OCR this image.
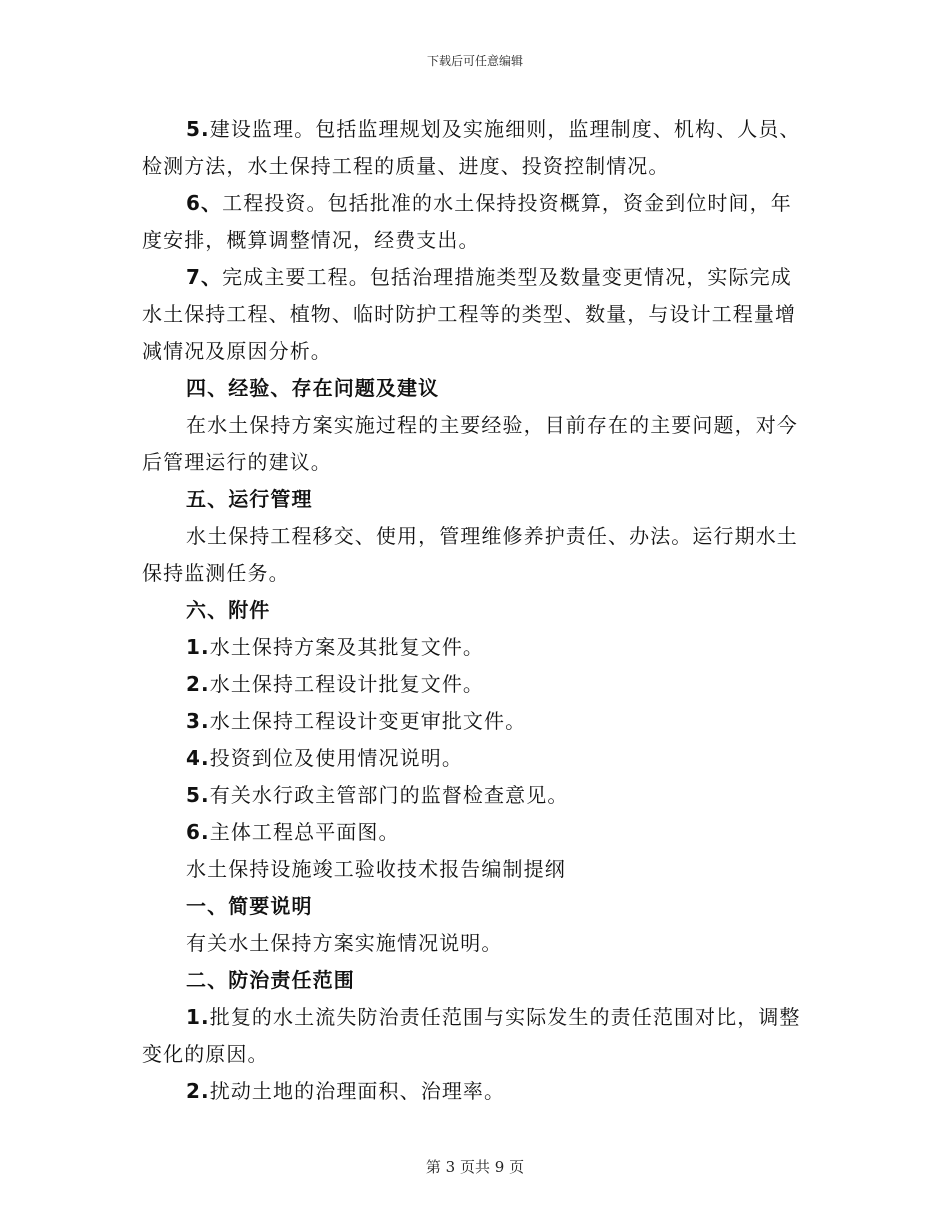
下载后可任意编辑

5.建设监理。包括监理规划及实施细则，监理制度、机构、人员、检测方法，水土保持工程的质量、进度、投资控制情况。

6、工程投资。包括批准的水土保持投资概算，资金到位时间，年度安排，概算调整情况，经费支出。

7、完成主要工程。包括治理措施类型及数量变更情况，实际完成水土保持工程、植物、临时防护工程等的类型、数量，与设计工程量增减情况及原因分析。

四、经验、存在问题及建议

在水土保持方案实施过程的主要经验，目前存在的主要问题，对今后管理运行的建议。

五、运行管理

水土保持工程移交、使用，管理维修养护责任、办法。运行期水土保持监测任务。

六、附件

1.水土保持方案及其批复文件。

2.水土保持工程设计批复文件。

3.水土保持工程设计变更审批文件。

4.投资到位及使用情况说明。

5.有关水行政主管部门的监督检查意见。

6.主体工程总平面图。

水土保持设施竣工验收技术报告编制提纲

一、简要说明

有关水土保持方案实施情况说明。

二、防治责任范围

1.批复的水土流失防治责任范围与实际发生的责任范围对比，调整变化的原因。

2.扰动土地的治理面积、治理率。

第 3 页共 9 页
